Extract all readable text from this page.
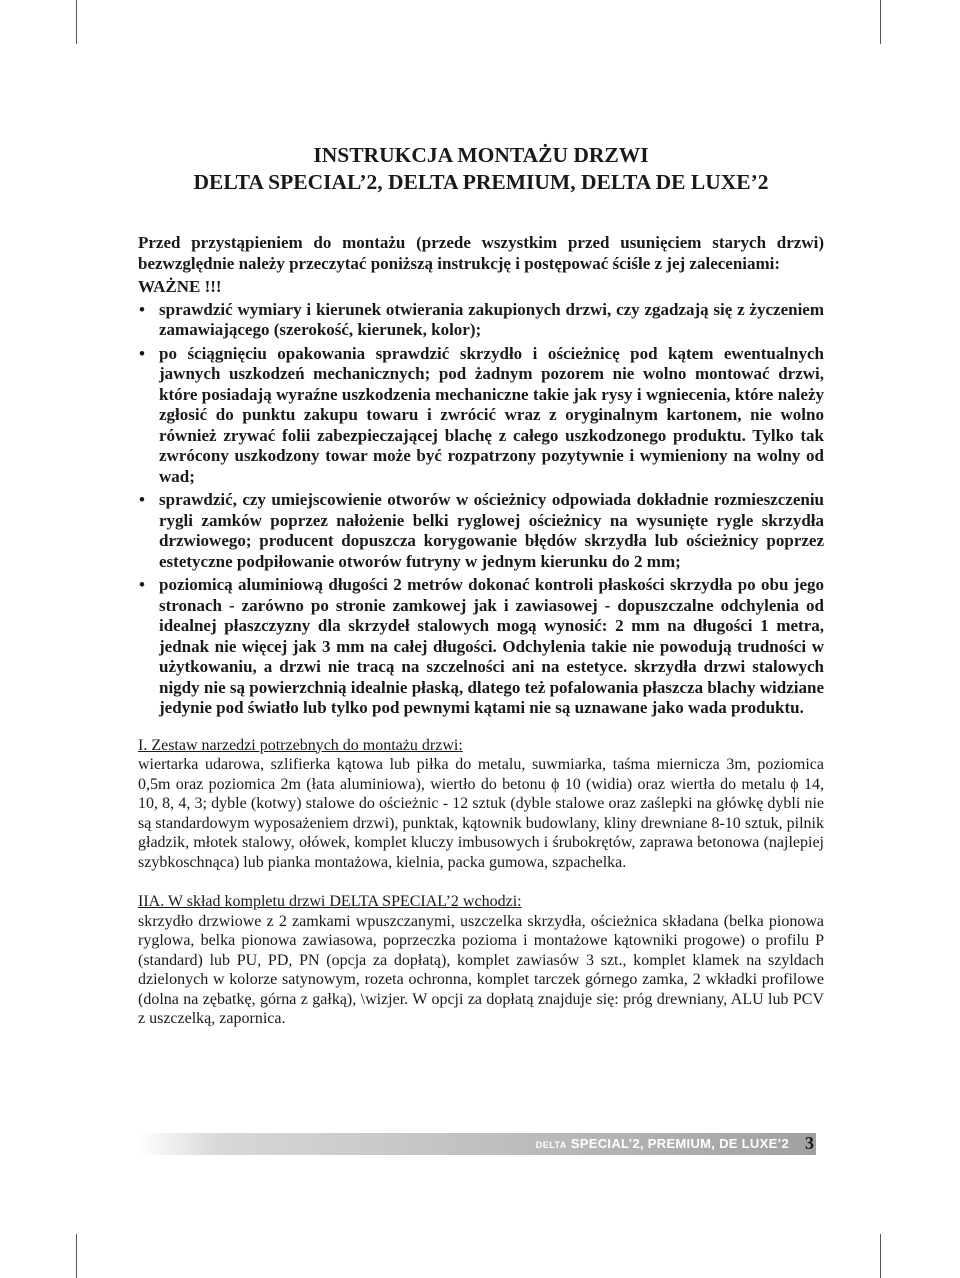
INSTRUKCJA MONTAŻU DRZWI
DELTA SPECIAL’2, DELTA PREMIUM, DELTA DE LUXE’2
Przed przystąpieniem do montażu (przede wszystkim przed usunięciem starych drzwi) bezwzględnie należy przeczytać poniższą instrukcję i postępować ściśle z jej zaleceniami:
WAŻNE !!!
• sprawdzić wymiary i kierunek otwierania zakupionych drzwi, czy zgadzają się z życzeniem zamawiającego (szerokość, kierunek, kolor);
• po ściągnięciu opakowania sprawdzić skrzydło i ościeżnicę pod kątem ewentualnych jawnych uszkodzeń mechanicznych; pod żadnym pozorem nie wolno montować drzwi, które posiadają wyraźne uszkodzenia mechaniczne takie jak rysy i wgniecenia, które należy zgłosić do punktu zakupu towaru i zwrócić wraz z oryginalnym kartonem, nie wolno również zrywać folii zabezpieczającej blachę z całego uszkodzonego produktu. Tylko tak zwrócony uszkodzony towar może być rozpatrzony pozytywnie i wymieniony na wolny od wad;
• sprawdzić, czy umiejscowienie otworów w ościeżnicy odpowiada dokładnie rozmieszczeniu rygli zamków poprzez nałożenie belki ryglowej ościeżnicy na wysunięte rygle skrzydła drzwiowego; producent dopuszcza korygowanie błędów skrzydła lub ościeżnicy poprzez estetyczne podpiłowanie otworów futryny w jednym kierunku do 2 mm;
• poziomicą aluminiową długości 2 metrów dokonać kontroli płaskości skrzydła po obu jego stronach - zarówno po stronie zamkowej jak i zawiasowej - dopuszczalne odchylenia od idealnej płaszczyzny dla skrzydeł stalowych mogą wynosić: 2 mm na długości 1 metra, jednak nie więcej jak 3 mm na całej długości. Odchylenia takie nie powodują trudności w użytkowaniu, a drzwi nie tracą na szczelności ani na estetyce. skrzydła drzwi stalowych nigdy nie są powierzchnią idealnie płaską, dlatego też pofalowania płaszcza blachy widziane jedynie pod światło lub tylko pod pewnymi kątami nie są uznawane jako wada produktu.
I. Zestaw narzedzi potrzebnych do montażu drzwi:
wiertarka udarowa, szlifierka kątowa lub piłka do metalu, suwmiarka, taśma miernicza 3m, poziomica 0,5m oraz poziomica 2m (łata aluminiowa), wiertło do betonu ϕ 10 (widia) oraz wiertła do metalu ϕ 14, 10, 8, 4, 3; dyble (kotwy) stalowe do ościeżnic - 12 sztuk (dyble stalowe oraz zaślepki na główkę dybli nie są standardowym wyposażeniem drzwi), punktak, kątownik budowlany, kliny drewniane 8-10 sztuk, pilnik gładzik, młotek stalowy, ołówek, komplet kluczy imbusowych i śrubokrętów, zaprawa betonowa (najlepiej szybkoschnąca) lub pianka montażowa, kielnia, packa gumowa, szpachelka.
IIA. W skład kompletu drzwi DELTA SPECIAL’2 wchodzi:
skrzydło drzwiowe z 2 zamkami wpuszczanymi, uszczelka skrzydła, ościeżnica składana (belka pionowa ryglowa, belka pionowa zawiasowa, poprzeczka pozioma i montażowe kątowniki progowe) o profilu P (standard) lub PU, PD, PN (opcja za dopłatą), komplet zawiasów 3 szt., komplet klamek na szyldach dzielonych w kolorze satynowym, rozeta ochronna, komplet tarczek górnego zamka, 2 wkładki profilowe (dolna na zębatkę, górna z gałką), \wizjer. W opcji za dopłatą znajduje się: próg drewniany, ALU lub PCV z uszczelką, zapornica.
DELTA SPECIAL’2, PREMIUM, DE LUXE’2 3
